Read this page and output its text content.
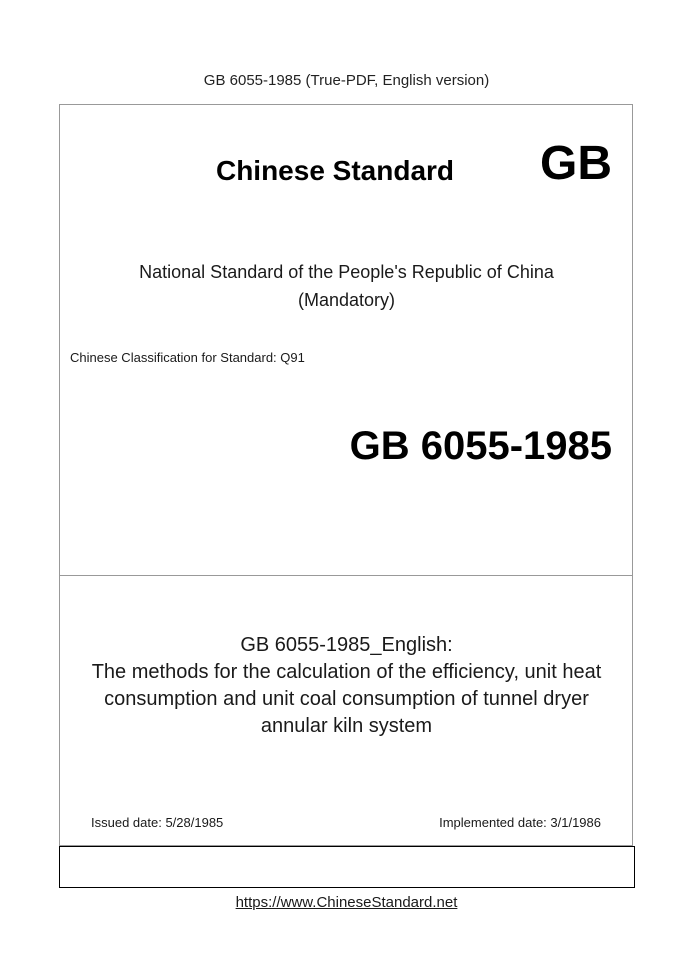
GB 6055-1985 (True-PDF, English version)
Chinese Standard	GB
National Standard of the People's Republic of China
(Mandatory)
Chinese Classification for Standard: Q91
GB 6055-1985
GB 6055-1985_English:
The methods for the calculation of the efficiency, unit heat
consumption and unit coal consumption of tunnel dryer
annular kiln system
Issued date: 5/28/1985	Implemented date: 3/1/1986
https://www.ChineseStandard.net
